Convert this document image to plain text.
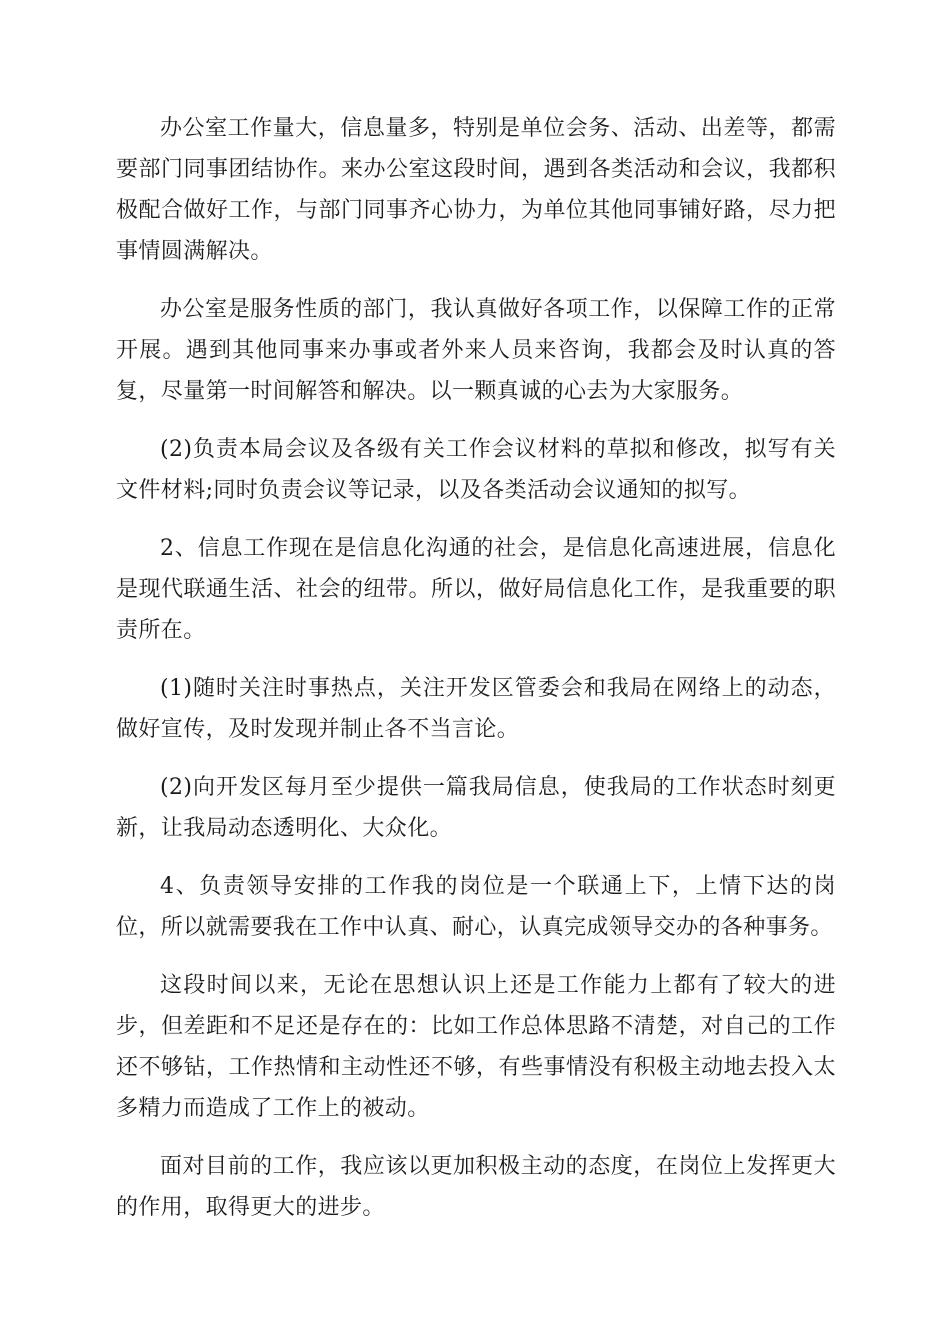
办公室工作量大，信息量多，特别是单位会务、活动、出差等，都需要部门同事团结协作。来办公室这段时间，遇到各类活动和会议，我都积极配合做好工作，与部门同事齐心协力，为单位其他同事铺好路，尽力把事情圆满解决。

办公室是服务性质的部门，我认真做好各项工作，以保障工作的正常开展。遇到其他同事来办事或者外来人员来咨询，我都会及时认真的答复，尽量第一时间解答和解决。以一颗真诚的心去为大家服务。

(2)负责本局会议及各级有关工作会议材料的草拟和修改，拟写有关文件材料;同时负责会议等记录，以及各类活动会议通知的拟写。

2、信息工作现在是信息化沟通的社会，是信息化高速进展，信息化是现代联通生活、社会的纽带。所以，做好局信息化工作，是我重要的职责所在。

(1)随时关注时事热点，关注开发区管委会和我局在网络上的动态，做好宣传，及时发现并制止各不当言论。

(2)向开发区每月至少提供一篇我局信息，使我局的工作状态时刻更新，让我局动态透明化、大众化。

4、负责领导安排的工作我的岗位是一个联通上下，上情下达的岗位，所以就需要我在工作中认真、耐心，认真完成领导交办的各种事务。

这段时间以来，无论在思想认识上还是工作能力上都有了较大的进步，但差距和不足还是存在的：比如工作总体思路不清楚，对自己的工作还不够钻，工作热情和主动性还不够，有些事情没有积极主动地去投入太多精力而造成了工作上的被动。

面对目前的工作，我应该以更加积极主动的态度，在岗位上发挥更大的作用，取得更大的进步。
